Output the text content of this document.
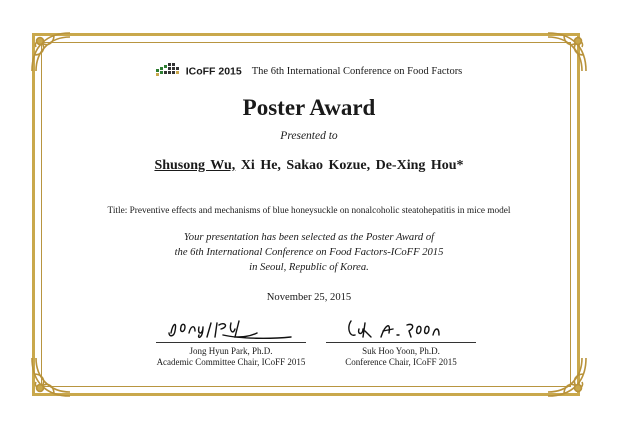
ICoFF 2015 The 6th International Conference on Food Factors
Poster Award
Presented to
Shusong Wu, Xi He, Sakao Kozue, De-Xing Hou*
Title: Preventive effects and mechanisms of blue honeysuckle on nonalcoholic steatohepatitis in mice model
Your presentation has been selected as the Poster Award of
the 6th International Conference on Food Factors-ICoFF 2015
in Seoul, Republic of Korea.
November 25, 2015
Jong Hyun Park, Ph.D.
Academic Committee Chair, ICoFF 2015
Suk Hoo Yoon, Ph.D.
Conference Chair, ICoFF 2015
